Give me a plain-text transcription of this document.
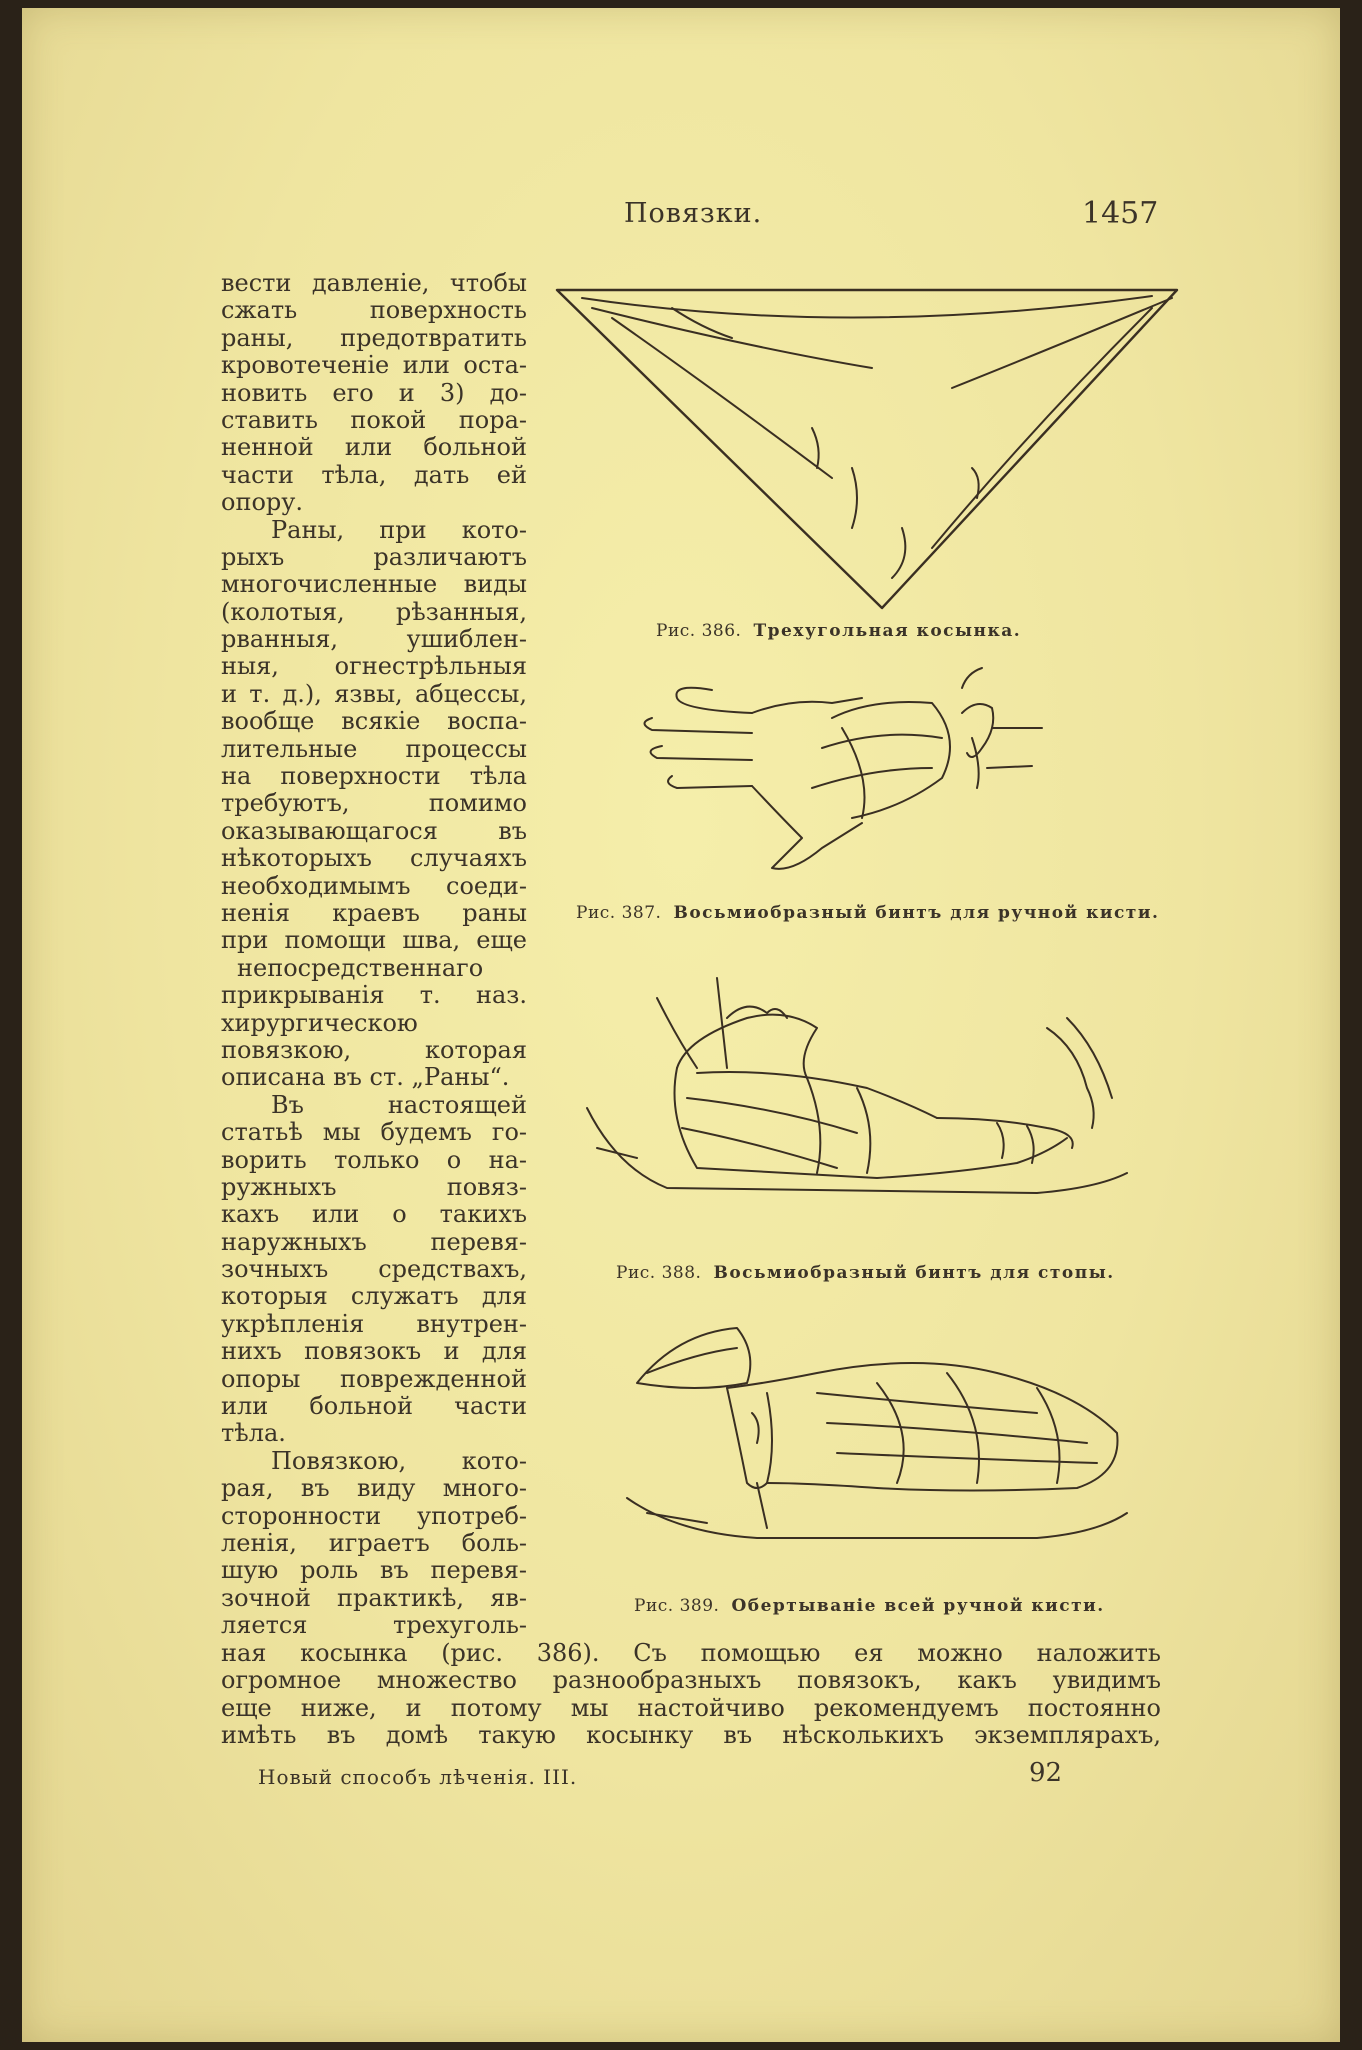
Повязки.	1457
вести давленіе, чтобы
сжать поверхность
раны, предотвратить
кровотеченіе или оста-
новить его и 3) до-
ставить покой пора-
ненной или больной
части тѣла, дать ей
опору.
Раны, при кото-
рыхъ различаютъ
многочисленные виды
(колотыя, рѣзанныя,
рванныя, ушиблен-
ныя, огнестрѣльныя
и т. д.), язвы, абцессы,
вообще всякіе воспа-
лительные процессы
на поверхности тѣла
требуютъ, помимо
оказывающагося въ
нѣкоторыхъ случаяхъ
необходимымъ соеди-
ненія краевъ раны
при помощи шва, еще
непосредственнаго
прикрыванія т. наз.
хирургическою
повязкою, которая
описана въ ст. „Раны“.
Въ настоящей
статьѣ мы будемъ го-
ворить только о на-
ружныхъ повяз-
кахъ или о такихъ
наружныхъ перевя-
зочныхъ средствахъ,
которыя служатъ для
укрѣпленія внутрен-
нихъ повязокъ и для
опоры поврежденной
или больной части
тѣла.
Повязкою, кото-
рая, въ виду много-
сторонности употреб-
ленія, играетъ боль-
шую роль въ перевя-
зочной практикѣ, яв-
ляется трехуголь-
ная косынка (рис. 386). Съ помощью ея можно наложить
огромное множество разнообразныхъ повязокъ, какъ увидимъ
еще ниже, и потому мы настойчиво рекомендуемъ постоянно
имѣть въ домѣ такую косынку въ нѣсколькихъ экземплярахъ,
Рис. 386. Трехугольная косынка.
Рис. 387. Восьмиобразный бинтъ для ручной кисти.
Рис. 388. Восьмиобразный бинтъ для стопы.
Рис. 389. Обертываніе всей ручной кисти.
Новый способъ лѣченія. III.	92
